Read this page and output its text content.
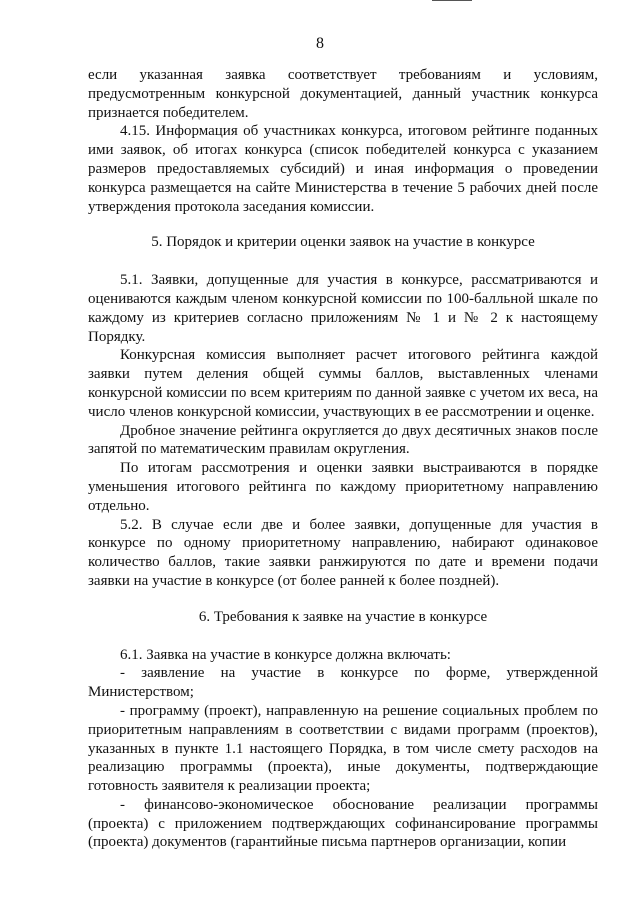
8

если указанная заявка соответствует требованиям и условиям, предусмотренным конкурсной документацией, данный участник конкурса признается победителем.

4.15. Информация об участниках конкурса, итоговом рейтинге поданных ими заявок, об итогах конкурса (список победителей конкурса с указанием размеров предоставляемых субсидий) и иная информация о проведении конкурса размещается на сайте Министерства в течение 5 рабочих дней после утверждения протокола заседания комиссии.

5. Порядок и критерии оценки заявок на участие в конкурсе

5.1. Заявки, допущенные для участия в конкурсе, рассматриваются и оцениваются каждым членом конкурсной комиссии по 100-балльной шкале по каждому из критериев согласно приложениям № 1 и № 2 к настоящему Порядку.

Конкурсная комиссия выполняет расчет итогового рейтинга каждой заявки путем деления общей суммы баллов, выставленных членами конкурсной комиссии по всем критериям по данной заявке с учетом их веса, на число членов конкурсной комиссии, участвующих в ее рассмотрении и оценке.

Дробное значение рейтинга округляется до двух десятичных знаков после запятой по математическим правилам округления.

По итогам рассмотрения и оценки заявки выстраиваются в порядке уменьшения итогового рейтинга по каждому приоритетному направлению отдельно.

5.2. В случае если две и более заявки, допущенные для участия в конкурсе по одному приоритетному направлению, набирают одинаковое количество баллов, такие заявки ранжируются по дате и времени подачи заявки на участие в конкурсе (от более ранней к более поздней).

6. Требования к заявке на участие в конкурсе

6.1. Заявка на участие в конкурсе должна включать:

- заявление на участие в конкурсе по форме, утвержденной Министерством;

- программу (проект), направленную на решение социальных проблем по приоритетным направлениям в соответствии с видами программ (проектов), указанных в пункте 1.1 настоящего Порядка, в том числе смету расходов на реализацию программы (проекта), иные документы, подтверждающие готовность заявителя к реализации проекта;

- финансово-экономическое обоснование реализации программы (проекта) с приложением подтверждающих софинансирование программы (проекта) документов (гарантийные письма партнеров организации, копии
